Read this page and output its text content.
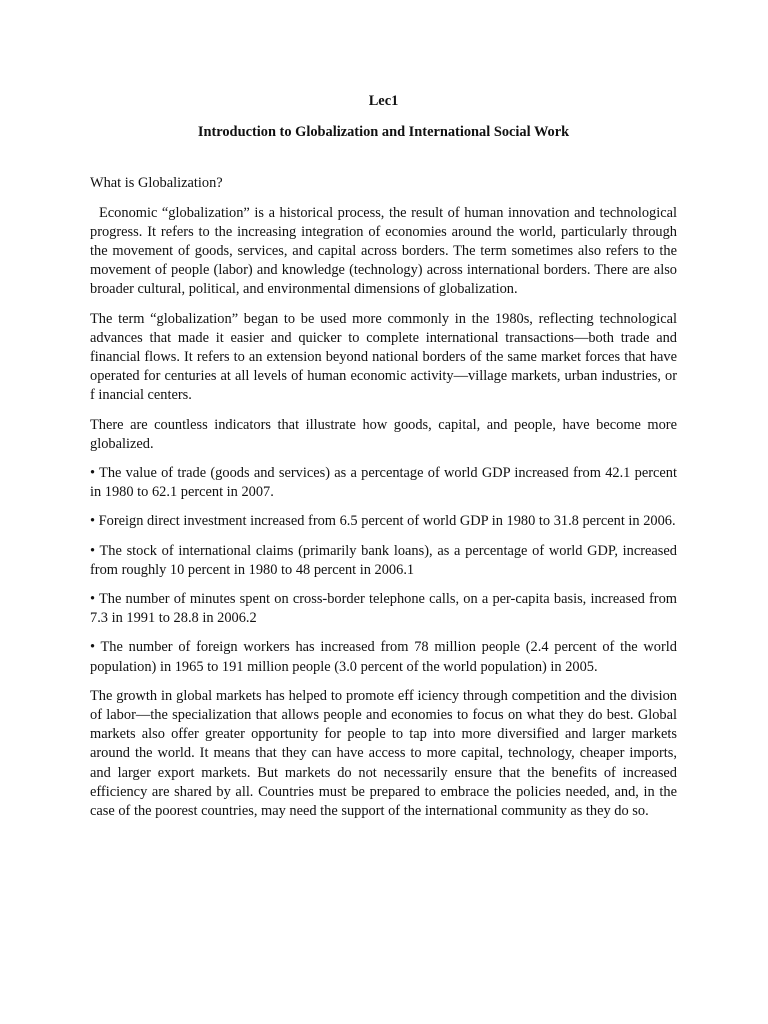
Lec1
Introduction to Globalization and International Social Work
What is Globalization?

Economic “globalization” is a historical process, the result of human innovation and technological progress. It refers to the increasing integration of economies around the world, particularly through the movement of goods, services, and capital across borders. The term sometimes also refers to the movement of people (labor) and knowledge (technology) across international borders. There are also broader cultural, political, and environmental dimensions of globalization.

The term “globalization” began to be used more commonly in the 1980s, reflecting technological advances that made it easier and quicker to complete international transactions—both trade and financial flows. It refers to an extension beyond national borders of the same market forces that have operated for centuries at all levels of human economic activity—village markets, urban industries, or f inancial centers.

There are countless indicators that illustrate how goods, capital, and people, have become more globalized.

• The value of trade (goods and services) as a percentage of world GDP increased from 42.1 percent in 1980 to 62.1 percent in 2007.

• Foreign direct investment increased from 6.5 percent of world GDP in 1980 to 31.8 percent in 2006.

• The stock of international claims (primarily bank loans), as a percentage of world GDP, increased from roughly 10 percent in 1980 to 48 percent in 2006.1

• The number of minutes spent on cross-border telephone calls, on a per-capita basis, increased from 7.3 in 1991 to 28.8 in 2006.2

• The number of foreign workers has increased from 78 million people (2.4 percent of the world population) in 1965 to 191 million people (3.0 percent of the world population) in 2005.

The growth in global markets has helped to promote eff iciency through competition and the division of labor—the specialization that allows people and economies to focus on what they do best. Global markets also offer greater opportunity for people to tap into more diversified and larger markets around the world. It means that they can have access to more capital, technology, cheaper imports, and larger export markets. But markets do not necessarily ensure that the benefits of increased efficiency are shared by all. Countries must be prepared to embrace the policies needed, and, in the case of the poorest countries, may need the support of the international community as they do so.
